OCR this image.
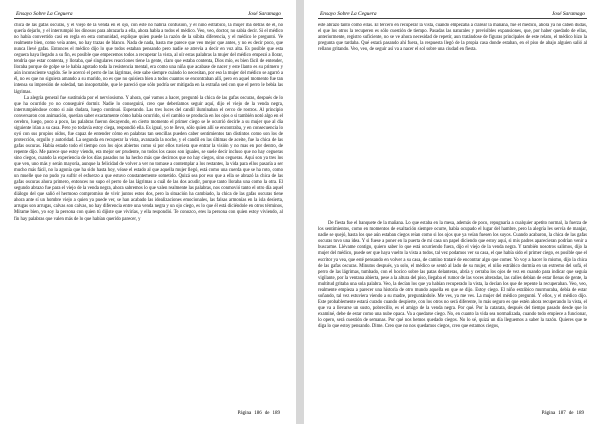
Ensayo Sobre La Ceguera	José Saramago

chica de las gafas oscuras, y el viejo de la venda en el ojo, con éste no habría confusión, y el niño estrábico, la mujer iba detrás de él, no quería dejarlo, y el interrumpió los dinosos para abrazarla a ella, ahora habla a todos el médico. Veo, veo, doctor, no sabía decir. Si el médico no había convertido casi en regla en esta comunidad, explique quien puede la razón de la súbita diferencia, y el médico le preguntó. Ve realmente bien, como veía antes, no hay trazas de blanco. Nada de nada, hasta me parece que veo mejor que antes, y no es decir poco, que nunca llevé gafas. Entonces el médico dijo lo que todos estaban pensando pero nadie se atrevía a decir en voz alta. Es posible que esta ceguera haya llegado a su fin, es posible que empecemos todos a recuperar la vista, al oír estas palabras la mujer del médico empezó a llorar, tendría que estar contenta, y lloraba, qué singulares reacciones tiene la gente, claro que estaba contenta, Dios mío, es bien fácil de entender, lloraba porque de golpe se le había agotado toda la resistencia mental, era como una niña que acabase de nacer y este llanto es su primero y aún inconsciente vagido. Se le acercó el perro de las lágrimas, éste sabe siempre cuándo lo necesitan, por eso la mujer del médico se agarró a él, no es que no siguiera amando a su marido, no es que no quisiera bien a todos cuantos se encontraban allí, pero en aquel momento fue tan intensa su impresión de soledad, tan insoportable, que le pareció que sólo podría ser mitigada en la extraña sed con que el perro le bebía las lágrimas.

La alegría general fue sustituida por el nerviosismo. Y ahora, qué vamos a hacer, preguntó la chica de las gafas oscuras, después de lo que ha ocurrido yo no conseguiré dormir. Nadie lo conseguirá, creo que deberíamos seguir aquí, dijo el viejo de la venda negra, interrumpiéndose como si aún dudara, luego continuó. Esperando. Las tres luces del candil iluminaban el cerco de rostros. Al principio conversaron con animación, querían saber exactamente cómo había ocurrido, si el cambio se producía en los ojos o si también notó algo en el cerebro, luego, poco a poco, las palabras fueron decayendo, en cierto momento el primer ciego se le ocurrió decirle a su mujer que al día siguiente irían a su casa. Pero yo todavía estoy ciega, respondió ella. Es igual, yo te llevo, sólo quien allí se encontraba, y en consecuencia lo oyó con sus propios oídos, fue capaz de entender cómo en palabras tan sencillas pueden caber sentimientos tan distintos como son los de protección, orgullo y autoridad. La segunda en recuperar la vista, avanzada la noche, y el candil en las últimas de aceite, fue la chica de las gafas oscuras. Había estado todo el tiempo con los ojos abiertos como si por ellos tuviera que entrar la visión y no mas en por dentro, de repente dijo. Me parece que estoy viendo, era mejor ser prudente, no todos los casos son iguales, se suele decir incluso que no hay cegueras sino ciegos, cuando la experiencia de los días pasados no ha hecho más que decirnos que no hay ciegos, sino cegueras. Aquí son ya tres los que ven, uno más y serán mayoría, aunque la felicidad de volver a ver no tomase a contemplar a los restantes, la vida para ellos pasaría a ser mucho más fácil, no la agonía que ha sido hasta hoy, véase el estado al que aquella mujer llegó, está como una cuerda que se ha roto, como un muelle que no pudo ya sufrir el esfuerzo a que estuvo constantemente sometido. Quizá sea por eso que a ella se abrazó la chica de las gafas oscuras ahora primero, entonces no supo el perro de las lágrimas a cuál de las dos acudir, porque tanto lloraba una como la otra. El segundo abrazo fue para el viejo de la venda negra, ahora sabremos lo que valen realmente las palabras, nos conmovió tanto el otro día aquel diálogo del que salió el hermoso compromiso de vivir juntos estos dos, pero la situación ha cambiado, la chica de las gafas oscuras tiene ahora ante sí un hombre viejo a quien ya puede ver, se han acabado las idealizaciones emocionales, las falsas armonías en la isla desierta, arrugas son arrugas, calvas son calvas, no hay diferencia entre una venda negra y un ojo ciego, es lo que él está diciéndole en otros términos, Mírame bien, yo soy la persona con quien tú dijiste que vivirías, y ella respondió. Te conozco, eres la persona con quien estoy viviendo, al fin hay palabras que valen más de lo que habían querido parecer, y

Página 186 de 189
Ensayo Sobre La Ceguera	José Saramago

este abrazo tanto como ellas. El tercero en recuperar la vista, cuando empezaba a clarear la mañana, fue el médico, ahora ya no caben dudas, el que los otros la recuperen es sólo cuestión de tiempo. Pasadas las naturales y previsibles expansiones, que, por haber quedado de ellas, anteriormente, registro suficiente, no se ve ahora necesidad de repetir, aun tratándose de figuras principales de este relato, el médico hizo la pregunta que tardaba. Qué estará pasando ahí fuera, la respuesta llegó de la propia casa donde estaban, en el piso de abajo alguien salió al rellano gritando. Veo, veo, de seguir así va a nacer el sol sobre una ciudad en fiesta.

De fiesta fue el banquete de la mañana. Lo que estaba en la mesa, además de poco, repugnaría a cualquier apetito normal, la fuerza de los sentimientos, como en momentos de exaltación siempre ocurre, había ocupado el lugar del hambre, pero la alegría les servía de manjar, nadie se quejó, hasta los que aún estaban ciegos reían como si los ojos que ya veían fuesen los suyos. Cuando acabaron, la chica de las gafas oscuras tuvo una idea. Y si fuese a poner en la puerta de mi casa un papel diciendo que estoy aquí, si mis padres aparecieran podrían venir a buscarme. Llévame contigo, quiero saber lo que está ocurriendo fuera, dijo el viejo de la venda negra. Y también nosotros salimos, dijo la mujer del médico, puede ser que haya vuelto la vista a todos, tal vez podamos ver su casa, el que había sido el primer ciego, es posible que el escritor ya vea, que esté pensando en volver a su casa, de camino trataré de encontrar algo que comer. Yo voy a hacer lo mismo, dijo la chica de las gafas oscuras. Minutos después, ya solo, el médico se sentó al lado de su mujer, el niño estrábico dormía en un extremo del sofá, el perro de las lágrimas, tumbado, con el hocico sobre las patas delanteras, abría y cerraba los ojos de vez en cuando para indicar que seguía vigilante, por la ventana abierta, pese a la altura del piso, llegaba el rumor de las voces alteradas, las calles debían de estar llenas de gente, la multitud gritaba una sola palabra. Veo, la decían los que ya habían recuperado la vista, la decían los que de repente la recuperaban. Veo, veo, realmente empieza a parecer una historia de otro mundo aquella en que se dijo. Estoy ciego. El niño estrábico murmuraba, debía de estar soñando, tal vez estuviera viendo a su madre, preguntándole. Me ves, ya me ves. La mujer del médico preguntó. Y ellos, y el médico dijo. Este probablemente estará curado cuando despierte, con los otros no será diferente, lo más seguro es que estén ahora recuperando la vista, el que va a llevarse un susto, pobrecillo, es el amigo de la venda negra. Por qué. Por la catarata, después del tiempo pasado desde que lo examiné, debe de estar como una nube opaca. Va a quedarse ciego. No, en cuanto la vida sea normalizada, cuando todo empiece a funcionar, lo opero, será cuestión de semanas. Por qué nos hemos quedado ciegos. No lo sé, quizá un día lleguemos a saber la razón. Quieres que te diga lo que estoy pensando. Dime. Creo que no nos quedamos ciegos, creo que estamos ciegos,

Página 187 de 189
